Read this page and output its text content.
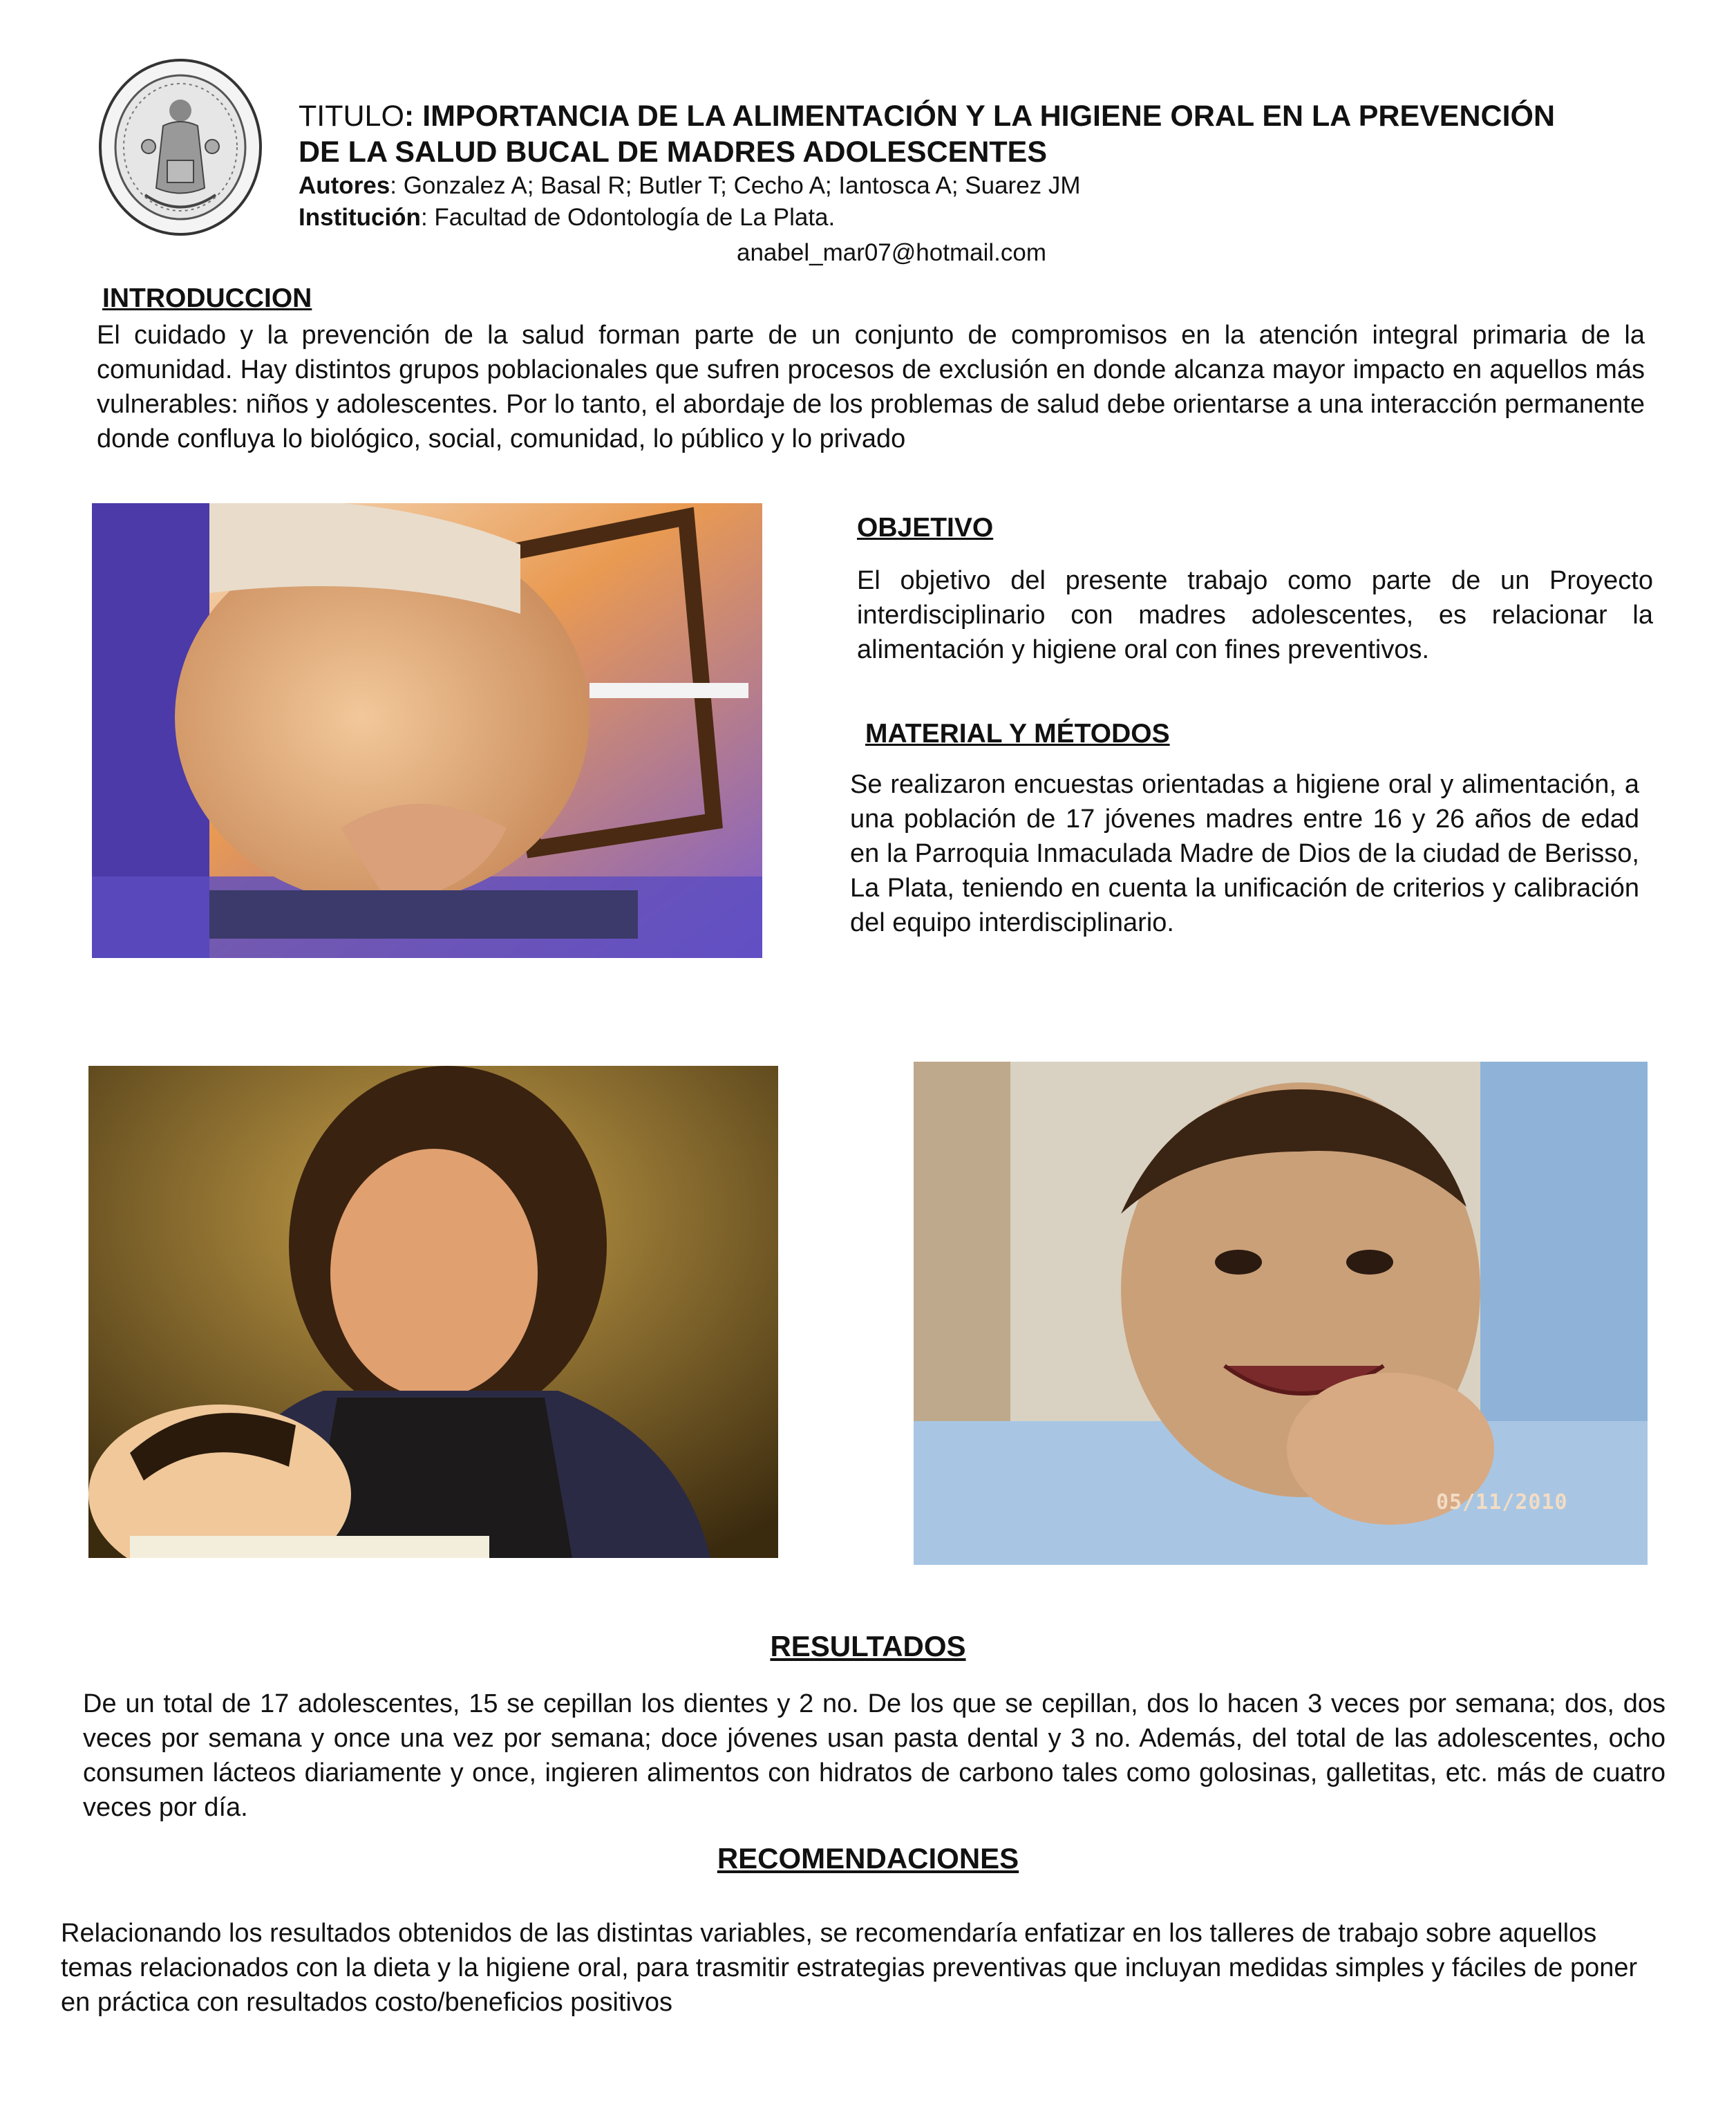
TITULO: IMPORTANCIA DE LA ALIMENTACIÓN Y LA HIGIENE ORAL EN LA PREVENCIÓN
DE LA SALUD BUCAL DE MADRES ADOLESCENTES
Autores: Gonzalez A; Basal R; Butler T; Cecho A; Iantosca A; Suarez JM
Institución: Facultad de Odontología de La Plata.
anabel_mar07@hotmail.com
INTRODUCCION
El cuidado y la prevención de la salud forman parte de un conjunto de compromisos en la atención integral primaria de la comunidad. Hay distintos grupos poblacionales que sufren procesos de exclusión en donde alcanza mayor impacto en aquellos más vulnerables: niños y adolescentes. Por lo tanto, el abordaje de los problemas de salud debe orientarse a una interacción permanente donde confluya lo biológico, social, comunidad, lo público y lo privado
OBJETIVO
El objetivo del presente trabajo como parte de un Proyecto interdisciplinario con madres adolescentes, es relacionar la alimentación y higiene oral con fines preventivos.
MATERIAL Y MÉTODOS
Se realizaron encuestas orientadas a higiene oral y alimentación, a una población de 17 jóvenes madres entre 16 y 26 años de edad en la Parroquia Inmaculada Madre de Dios de la ciudad de Berisso, La Plata, teniendo en cuenta la unificación de criterios y calibración del equipo interdisciplinario.
05/11/2010
RESULTADOS
De un total de 17 adolescentes, 15 se cepillan los dientes y 2 no. De los que se cepillan, dos lo hacen 3 veces por semana; dos, dos veces por semana y once una vez por semana; doce jóvenes usan pasta dental y 3 no. Además, del total de las adolescentes, ocho consumen lácteos diariamente y once, ingieren alimentos con hidratos de carbono tales como golosinas, galletitas, etc. más de cuatro veces por día.
RECOMENDACIONES
Relacionando los resultados obtenidos de las distintas variables, se recomendaría enfatizar en los talleres de trabajo sobre aquellos temas relacionados con la dieta y la higiene oral, para trasmitir estrategias preventivas que incluyan medidas simples y fáciles de poner en práctica con resultados costo/beneficios positivos
